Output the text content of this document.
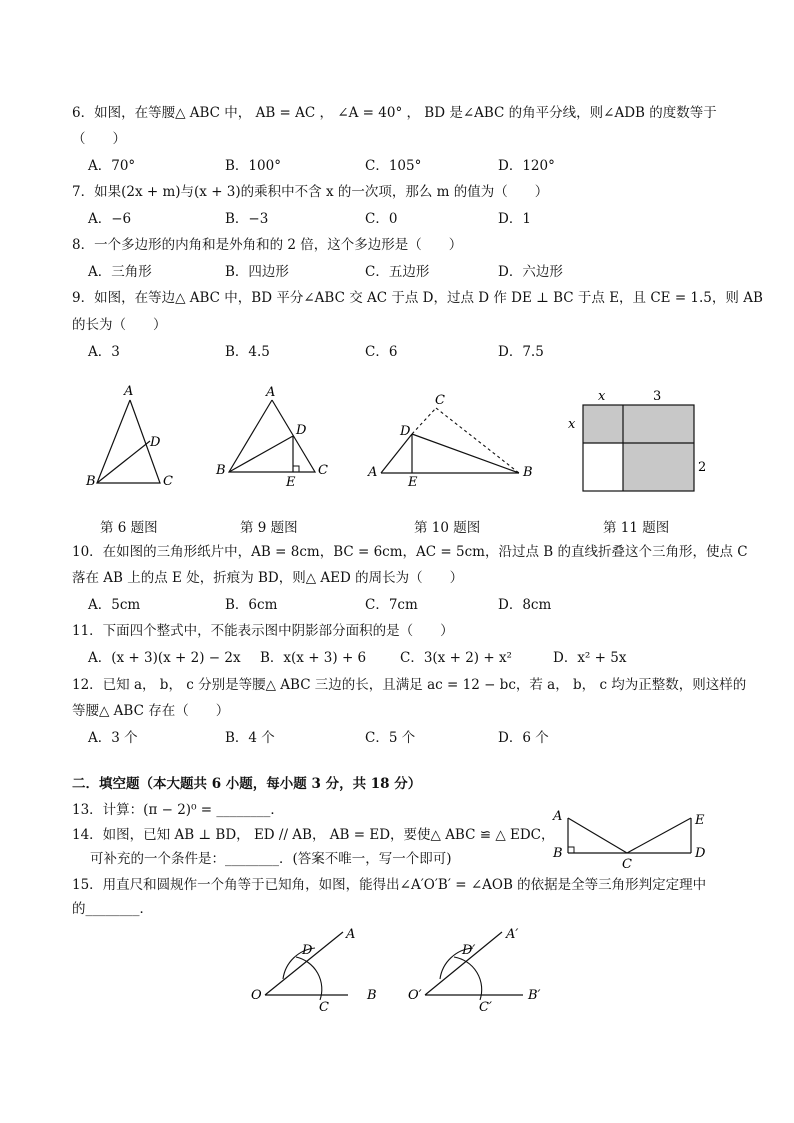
6．如图，在等腰△ ABC 中， AB = AC ， ∠A = 40° ， BD 是∠ABC 的角平分线，则∠ADB 的度数等于
（　　）
A．70°	B．100°	C．105°	D．120°
7．如果(2x + m)与(x + 3)的乘积中不含 x 的一次项，那么 m 的值为（　　）
A．−6	B．−3	C．0	D．1
8．一个多边形的内角和是外角和的 2 倍，这个多边形是（　　）
A．三角形	B．四边形	C．五边形	D．六边形
9．如图，在等边△ ABC 中，BD 平分∠ABC 交 AC 于点 D，过点 D 作 DE ⊥ BC 于点 E，且 CE = 1.5，则 AB
的长为（　　）
A．3	B．4.5	C．6	D．7.5
A
D
B	C
A
D
B
E
C
C
D
A
E
B
x	3
x
2
第 6 题图	第 9 题图	第 10 题图	第 11 题图
10．在如图的三角形纸片中，AB = 8cm，BC = 6cm，AC = 5cm，沿过点 B 的直线折叠这个三角形，使点 C
落在 AB 上的点 E 处，折痕为 BD，则△ AED 的周长为（　　）
A．5cm	B．6cm	C．7cm	D．8cm
11．下面四个整式中，不能表示图中阴影部分面积的是（　　）
A．(x + 3)(x + 2) − 2x B．x(x + 3) + 6	C．3(x + 2) + x²	D．x² + 5x
12．已知 a， b， c 分别是等腰△ ABC 三边的长，且满足 ac = 12 − bc，若 a， b， c 均为正整数，则这样的
等腰△ ABC 存在（　　）
A．3 个	B．4 个	C．5 个	D．6 个
二．填空题（本大题共 6 小题，每小题 3 分，共 18 分）
13．计算：(π − 2)⁰ = ________．
14．如图，已知 AB ⊥ BD， ED // AB， AB = ED，要使△ ABC ≌ △ EDC，
可补充的一个条件是：________．(答案不唯一，写一个即可)
A	E
B
C
D
15．用直尺和圆规作一个角等于已知角，如图，能得出∠A′O′B′ = ∠AOB 的依据是全等三角形判定定理中
的________．
D
A
O
C
B
D′
A′
O′
C′
B′
